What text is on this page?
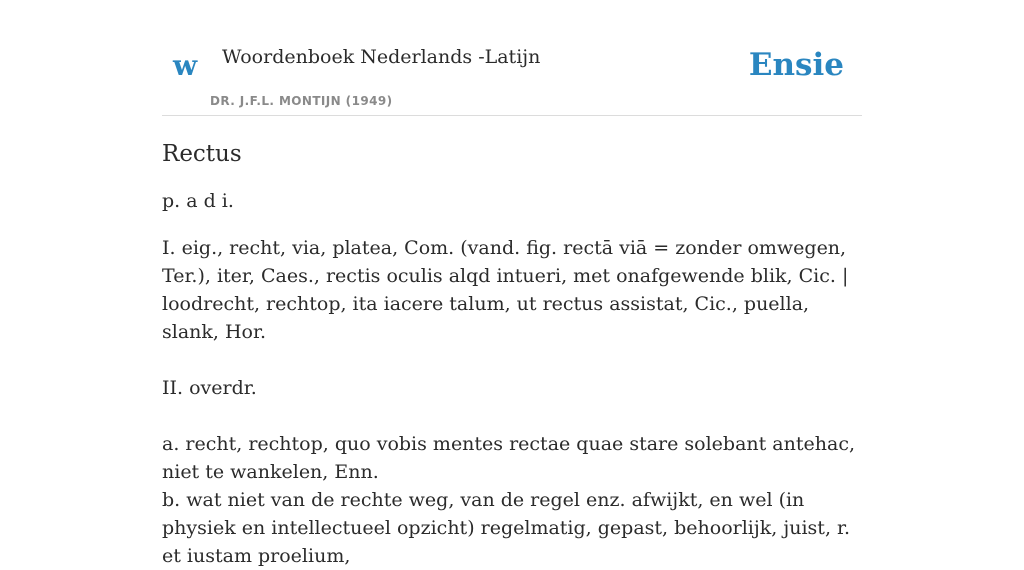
w Woordenboek Nederlands -Latijn
DR. J.F.L. MONTIJN (1949)
Ensie
Rectus

p. a d i.

I. eig., recht, via, platea, Com. (vand. fig. rectā viā = zonder omwegen, Ter.), iter, Caes., rectis oculis alqd intueri, met onafgewende blik, Cic. | loodrecht, rechtop, ita iacere talum, ut rectus assistat, Cic., puella, slank, Hor.

II. overdr.

a. recht, rechtop, quo vobis mentes rectae quae stare solebant antehac, niet te wankelen, Enn.

b. wat niet van de rechte weg, van de regel enz. afwijkt, en wel (in physiek en intellectueel opzicht) regelmatig, gepast, behoorlijk, juist, r. et iustam proelium,
